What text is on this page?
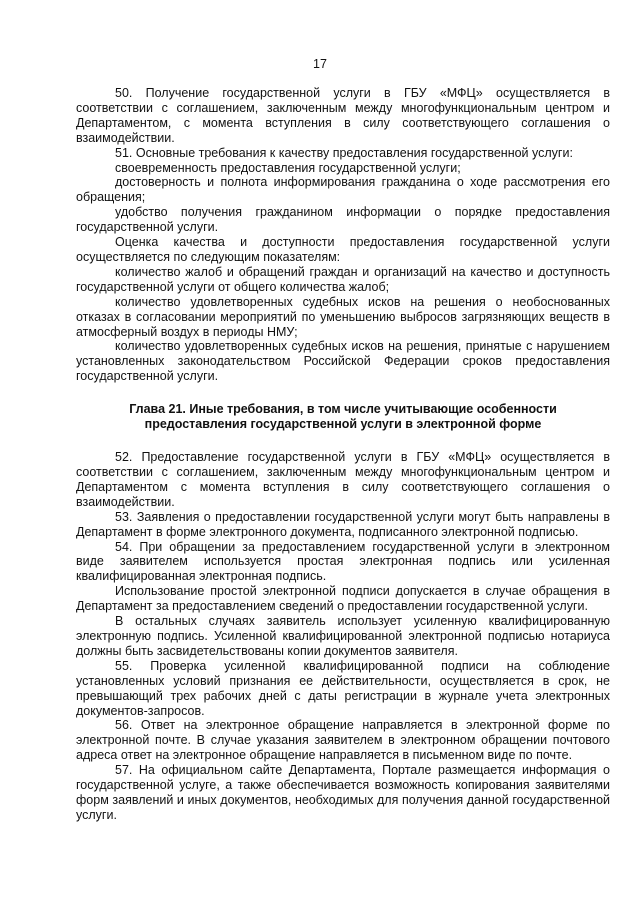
17

50. Получение государственной услуги в ГБУ «МФЦ» осуществляется в соответствии с соглашением, заключенным между многофункциональным центром и Департаментом, с момента вступления в силу соответствующего соглашения о взаимодействии.

51. Основные требования к качеству предоставления государственной услуги:

своевременность предоставления государственной услуги;

достоверность и полнота информирования гражданина о ходе рассмотрения его обращения;

удобство получения гражданином информации о порядке предоставления государственной услуги.

Оценка качества и доступности предоставления государственной услуги осуществляется по следующим показателям:

количество жалоб и обращений граждан и организаций на качество и доступность государственной услуги от общего количества жалоб;

количество удовлетворенных судебных исков на решения о необоснованных отказах в согласовании мероприятий по уменьшению выбросов загрязняющих веществ в атмосферный воздух в периоды НМУ;

количество удовлетворенных судебных исков на решения, принятые с нарушением установленных законодательством Российской Федерации сроков предоставления государственной услуги.

Глава 21. Иные требования, в том числе учитывающие особенности
предоставления государственной услуги в электронной форме

52. Предоставление государственной услуги в ГБУ «МФЦ» осуществляется в соответствии с соглашением, заключенным между многофункциональным центром и Департаментом с момента вступления в силу соответствующего соглашения о взаимодействии.

53. Заявления о предоставлении государственной услуги могут быть направлены в Департамент в форме электронного документа, подписанного электронной подписью.

54. При обращении за предоставлением государственной услуги в электронном виде заявителем используется простая электронная подпись или усиленная квалифицированная электронная подпись.

Использование простой электронной подписи допускается в случае обращения в Департамент за предоставлением сведений о предоставлении государственной услуги.

В остальных случаях заявитель использует усиленную квалифицированную электронную подпись. Усиленной квалифицированной электронной подписью нотариуса должны быть засвидетельствованы копии документов заявителя.

55. Проверка усиленной квалифицированной подписи на соблюдение установленных условий признания ее действительности, осуществляется в срок, не превышающий трех рабочих дней с даты регистрации в журнале учета электронных документов-запросов.

56. Ответ на электронное обращение направляется в электронной форме по электронной почте. В случае указания заявителем в электронном обращении почтового адреса ответ на электронное обращение направляется в письменном виде по почте.

57. На официальном сайте Департамента, Портале размещается информация о государственной услуге, а также обеспечивается возможность копирования заявителями форм заявлений и иных документов, необходимых для получения данной государственной услуги.
